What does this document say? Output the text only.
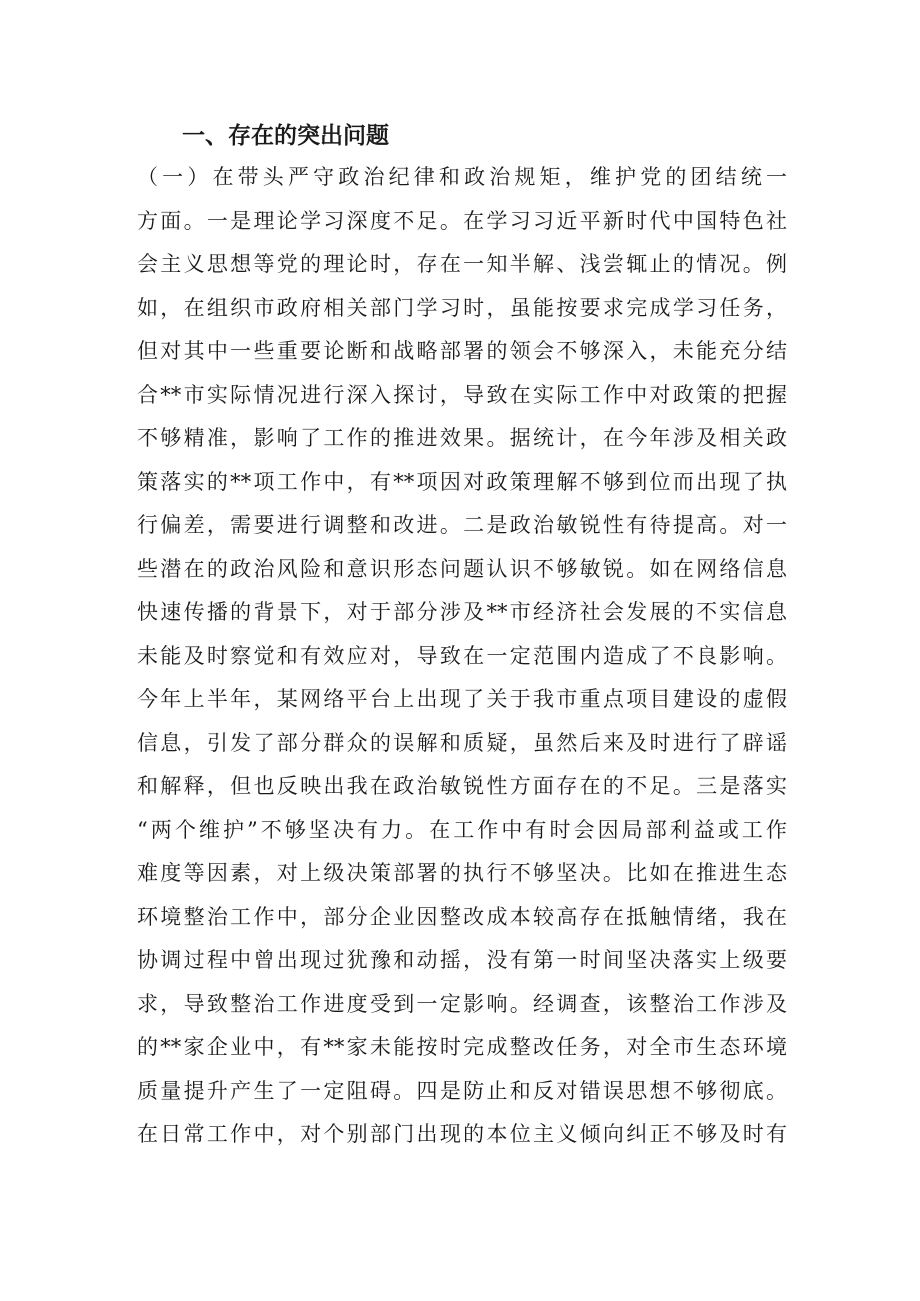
一、存在的突出问题
（一）在带头严守政治纪律和政治规矩，维护党的团结统一
方面。一是理论学习深度不足。在学习习近平新时代中国特色社
会主义思想等党的理论时，存在一知半解、浅尝辄止的情况。例
如，在组织市政府相关部门学习时，虽能按要求完成学习任务，
但对其中一些重要论断和战略部署的领会不够深入，未能充分结
合**市实际情况进行深入探讨，导致在实际工作中对政策的把握
不够精准，影响了工作的推进效果。据统计，在今年涉及相关政
策落实的**项工作中，有**项因对政策理解不够到位而出现了执
行偏差，需要进行调整和改进。二是政治敏锐性有待提高。对一
些潜在的政治风险和意识形态问题认识不够敏锐。如在网络信息
快速传播的背景下，对于部分涉及**市经济社会发展的不实信息
未能及时察觉和有效应对，导致在一定范围内造成了不良影响。
今年上半年，某网络平台上出现了关于我市重点项目建设的虚假
信息，引发了部分群众的误解和质疑，虽然后来及时进行了辟谣
和解释，但也反映出我在政治敏锐性方面存在的不足。三是落实
“两个维护”不够坚决有力。在工作中有时会因局部利益或工作
难度等因素，对上级决策部署的执行不够坚决。比如在推进生态
环境整治工作中，部分企业因整改成本较高存在抵触情绪，我在
协调过程中曾出现过犹豫和动摇，没有第一时间坚决落实上级要
求，导致整治工作进度受到一定影响。经调查，该整治工作涉及
的**家企业中，有**家未能按时完成整改任务，对全市生态环境
质量提升产生了一定阻碍。四是防止和反对错误思想不够彻底。
在日常工作中，对个别部门出现的本位主义倾向纠正不够及时有
